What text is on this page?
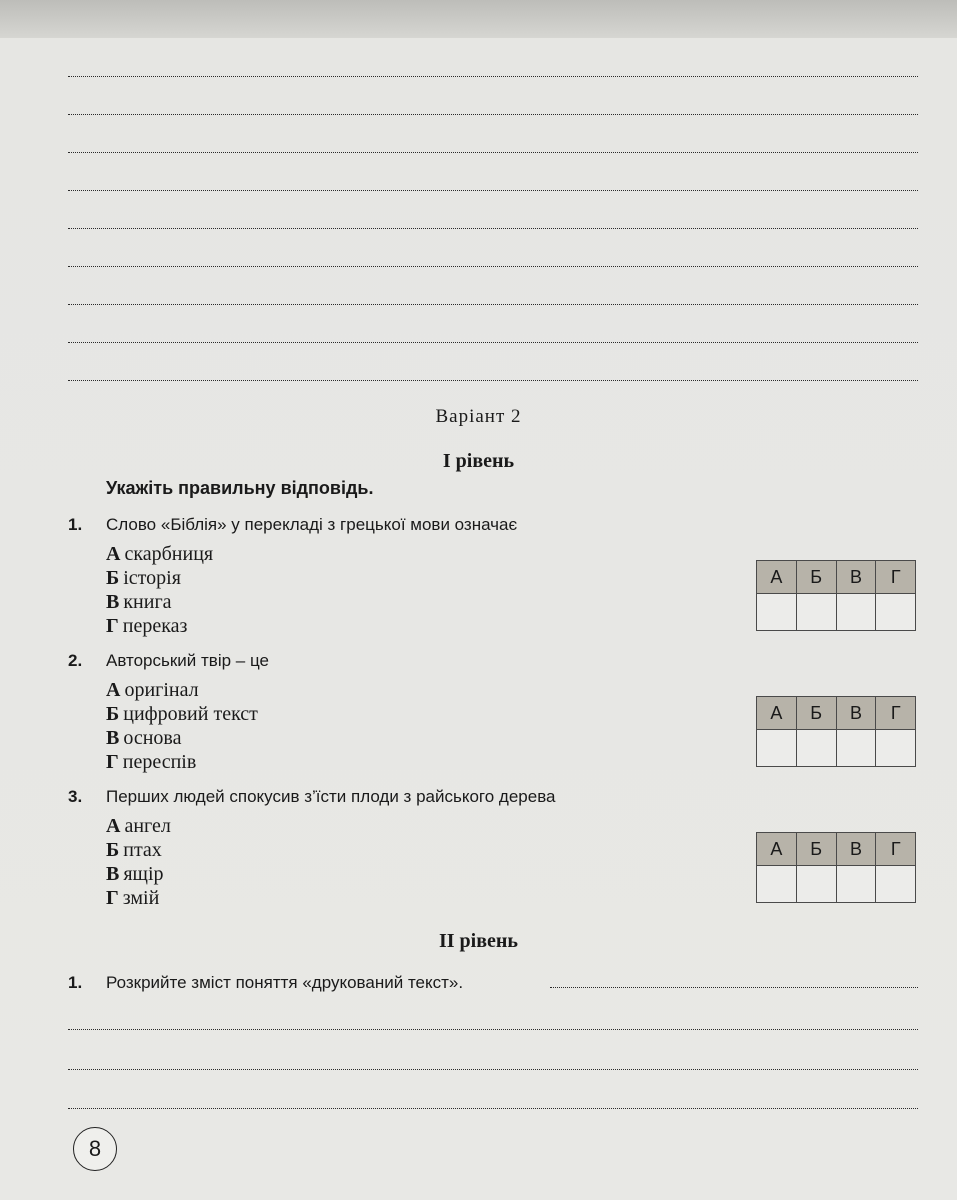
Варіант 2
I рівень
Укажіть правильну відповідь.
1. Слово «Біблія» у перекладі з грецької мови означає
А скарбниця
Б історія
В книга
Г переказ
А	Б	В	Г

2. Авторський твір – це
А оригінал
Б цифровий текст
В основа
Г переспів
А	Б	В	Г

3. Перших людей спокусив з’їсти плоди з райського дерева
А ангел
Б птах
В ящір
Г змій
А	Б	В	Г

II рівень
1. Розкрийте зміст поняття «друкований текст».
8
